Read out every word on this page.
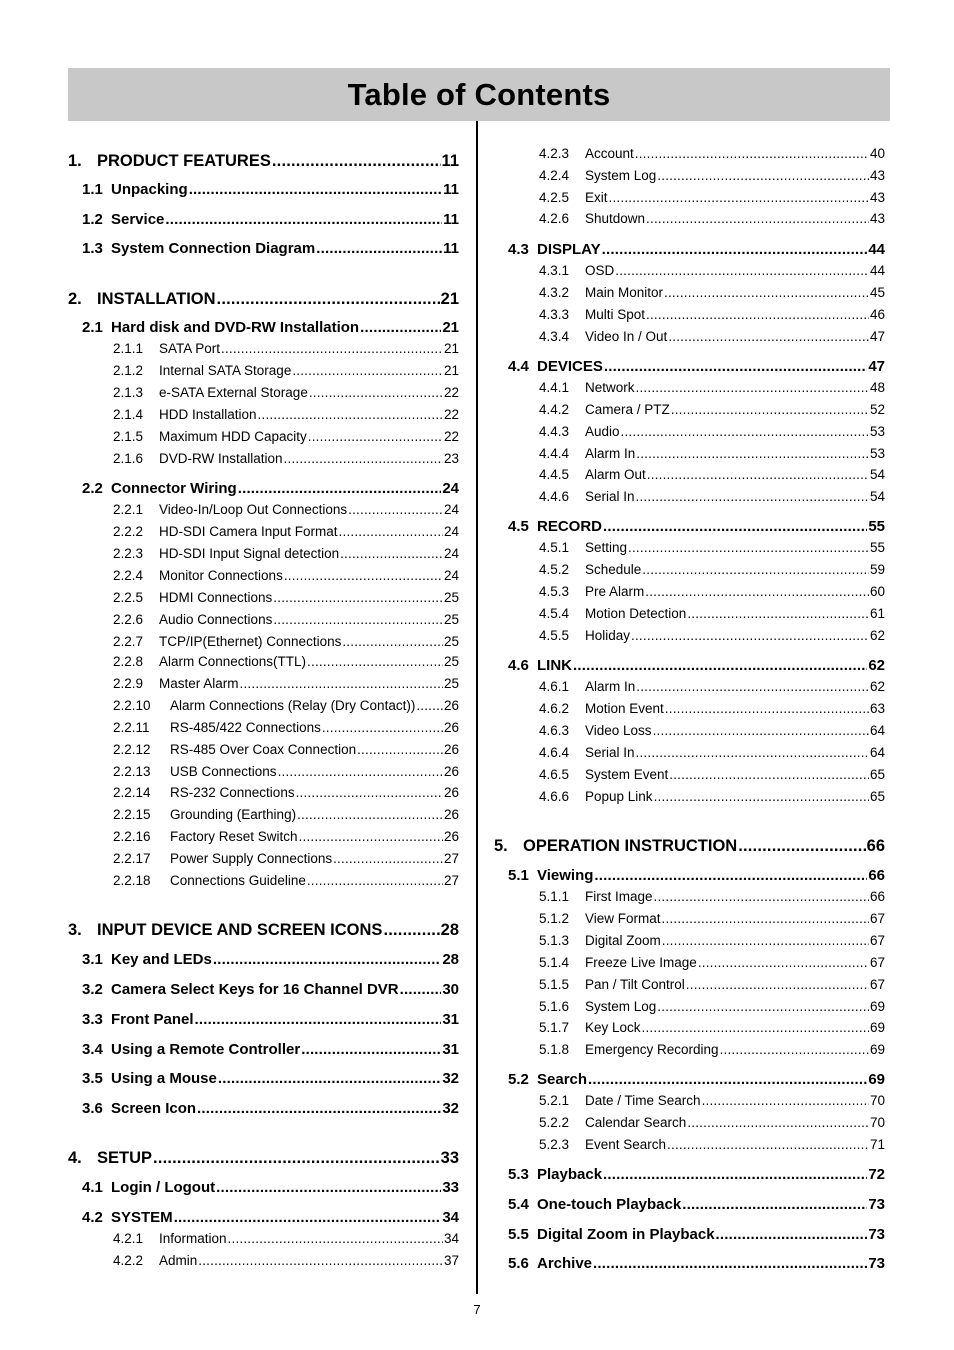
Table of Contents
1. PRODUCT FEATURES .....	11
1.1 Unpacking .....	11
1.2 Service .....	11
1.3 System Connection Diagram .....	11
2. INSTALLATION .....	21
2.1 Hard disk and DVD-RW Installation .....	21
2.1.1	SATA Port .....	21
2.1.2	Internal SATA Storage .....	21
2.1.3	e-SATA External Storage .....	22
2.1.4	HDD Installation .....	22
2.1.5	Maximum HDD Capacity .....	22
2.1.6	DVD-RW Installation .....	23
2.2 Connector Wiring .....	24
2.2.1	Video-In/Loop Out Connections .....	24
2.2.2	HD-SDI Camera Input Format .....	24
2.2.3	HD-SDI Input Signal detection .....	24
2.2.4	Monitor Connections .....	24
2.2.5	HDMI Connections .....	25
2.2.6	Audio Connections .....	25
2.2.7	TCP/IP(Ethernet) Connections .....	25
2.2.8	Alarm Connections(TTL) .....	25
2.2.9	Master Alarm .....	25
2.2.10	Alarm Connections (Relay (Dry Contact)) ..... 26
2.2.11	RS-485/422 Connections .....	26
2.2.12	RS-485 Over Coax Connection .....	26
2.2.13	USB Connections .....	26
2.2.14	RS-232 Connections .....	26
2.2.15	Grounding (Earthing) .....	26
2.2.16	Factory Reset Switch .....	26
2.2.17	Power Supply Connections .....	27
2.2.18	Connections Guideline .....	27
3. INPUT DEVICE AND SCREEN ICONS .....	28
3.1 Key and LEDs .....	28
3.2 Camera Select Keys for 16 Channel DVR .....	30
3.3 Front Panel .....	31
3.4 Using a Remote Controller .....	31
3.5 Using a Mouse .....	32
3.6 Screen Icon .....	32
4. SETUP .....	33
4.1 Login / Logout .....	33
4.2 SYSTEM .....	34
4.2.1	Information .....	34
4.2.2	Admin .....	37
4.2.3	Account .....	40
4.2.4	System Log .....	43
4.2.5	Exit .....	43
4.2.6	Shutdown .....	43
4.3 DISPLAY .....	44
4.3.1	OSD .....	44
4.3.2	Main Monitor .....	45
4.3.3	Multi Spot .....	46
4.3.4	Video In / Out .....	47
4.4 DEVICES .....	47
4.4.1	Network .....	48
4.4.2	Camera / PTZ .....	52
4.4.3	Audio .....	53
4.4.4	Alarm In .....	53
4.4.5	Alarm Out .....	54
4.4.6	Serial In .....	54
4.5 RECORD .....	55
4.5.1	Setting .....	55
4.5.2	Schedule .....	59
4.5.3	Pre Alarm .....	60
4.5.4	Motion Detection .....	61
4.5.5	Holiday .....	62
4.6 LINK .....	62
4.6.1	Alarm In .....	62
4.6.2	Motion Event .....	63
4.6.3	Video Loss .....	64
4.6.4	Serial In .....	64
4.6.5	System Event .....	65
4.6.6	Popup Link .....	65
5. OPERATION INSTRUCTION .....	66
5.1 Viewing .....	66
5.1.1	First Image .....	66
5.1.2	View Format .....	67
5.1.3	Digital Zoom .....	67
5.1.4	Freeze Live Image .....	67
5.1.5	Pan / Tilt Control .....	67
5.1.6	System Log .....	69
5.1.7	Key Lock .....	69
5.1.8	Emergency Recording .....	69
5.2 Search .....	69
5.2.1	Date / Time Search .....	70
5.2.2	Calendar Search .....	70
5.2.3	Event Search .....	71
5.3 Playback .....	72
5.4 One-touch Playback .....	73
5.5 Digital Zoom in Playback .....	73
5.6 Archive .....	73
7
